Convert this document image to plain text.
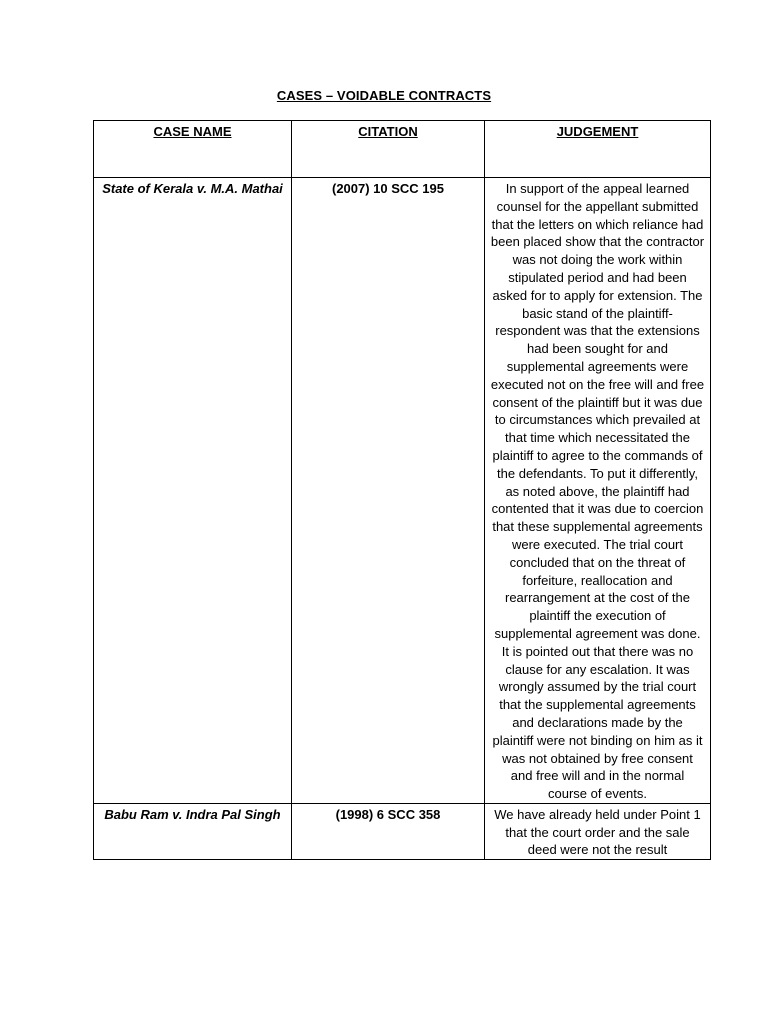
CASES – VOIDABLE CONTRACTS
CASE NAME	CITATION	JUDGEMENT
State of Kerala v. M.A. Mathai	(2007) 10 SCC 195	In support of the appeal learned counsel for the appellant submitted that the letters on which reliance had been placed show that the contractor was not doing the work within stipulated period and had been asked for to apply for extension. The basic stand of the plaintiff-respondent was that the extensions had been sought for and supplemental agreements were executed not on the free will and free consent of the plaintiff but it was due to circumstances which prevailed at that time which necessitated the plaintiff to agree to the commands of the defendants. To put it differently, as noted above, the plaintiff had contented that it was due to coercion that these supplemental agreements were executed. The trial court concluded that on the threat of forfeiture, reallocation and rearrangement at the cost of the plaintiff the execution of supplemental agreement was done. It is pointed out that there was no clause for any escalation. It was wrongly assumed by the trial court that the supplemental agreements and declarations made by the plaintiff were not binding on him as it was not obtained by free consent and free will and in the normal course of events.
Babu Ram v. Indra Pal Singh	(1998) 6 SCC 358	We have already held under Point 1 that the court order and the sale deed were not the result
